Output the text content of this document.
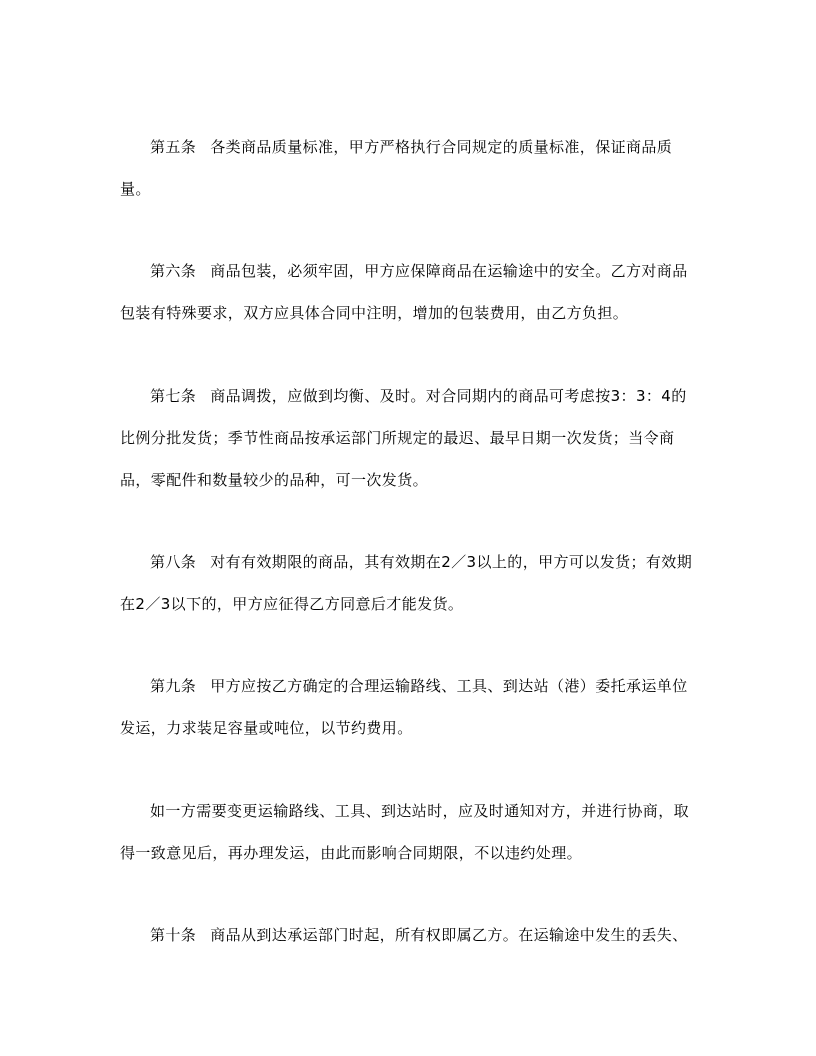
第五条 各类商品质量标准，甲方严格执行合同规定的质量标准，保证商品质量。

第六条 商品包装，必须牢固，甲方应保障商品在运输途中的安全。乙方对商品包装有特殊要求，双方应具体合同中注明，增加的包装费用，由乙方负担。

第七条 商品调拨，应做到均衡、及时。对合同期内的商品可考虑按3：3：4的比例分批发货；季节性商品按承运部门所规定的最迟、最早日期一次发货；当令商品，零配件和数量较少的品种，可一次发货。

第八条 对有有效期限的商品，其有效期在2／3以上的，甲方可以发货；有效期在2／3以下的，甲方应征得乙方同意后才能发货。

第九条 甲方应按乙方确定的合理运输路线、工具、到达站（港）委托承运单位发运，力求装足容量或吨位，以节约费用。

如一方需要变更运输路线、工具、到达站时，应及时通知对方，并进行协商，取得一致意见后，再办理发运，由此而影响合同期限，不以违约处理。

第十条 商品从到达承运部门时起，所有权即属乙方。在运输途中发生的丢失、
